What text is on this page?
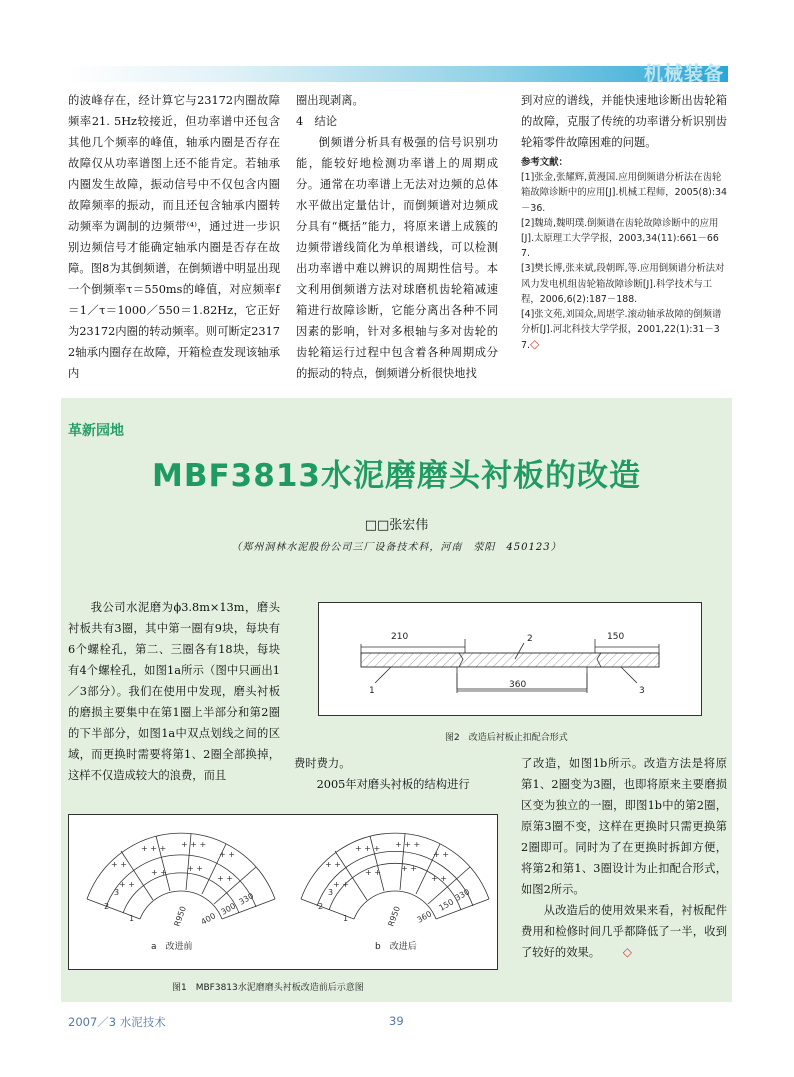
机械装备

的波峰存在，经计算它与23172内圈故障频率21. 5Hz较接近，但功率谱中还包含其他几个频率的峰值，轴承内圈是否存在故障仅从功率谱图上还不能肯定。若轴承内圈发生故障，振动信号中不仅包含内圈故障频率的振动，而且还包含轴承内圈转动频率为调制的边频带⁽⁴⁾，通过进一步识别边频信号才能确定轴承内圈是否存在故障。图8为其倒频谱，在倒频谱中明显出现一个倒频率τ＝550ms的峰值，对应频率f＝1／τ＝1000／550＝1.82Hz，它正好为23172内圈的转动频率。则可断定23172轴承内圈存在故障，开箱检查发现该轴承内

圈出现剥离。

4　结论

倒频谱分析具有极强的信号识别功能，能较好地检测功率谱上的周期成分。通常在功率谱上无法对边频的总体水平做出定量估计，而倒频谱对边频成分具有“概括”能力，将原来谱上成簇的边频带谱线简化为单根谱线，可以检测出功率谱中难以辨识的周期性信号。本文利用倒频谱方法对球磨机齿轮箱减速箱进行故障诊断，它能分离出各种不同因素的影响，针对多根轴与多对齿轮的齿轮箱运行过程中包含着各种周期成分的振动的特点，倒频谱分析很快地找

到对应的谱线，并能快速地诊断出齿轮箱的故障，克服了传统的功率谱分析识别齿轮箱零件故障困难的问题。

参考文献：
[1]张金,张耀辉,黄漫国.应用倒频谱分析法在齿轮箱故障诊断中的应用[J].机械工程师，2005(8):34－36.
[2]魏琦,魏明璞.倒频谱在齿轮故障诊断中的应用[J].太原理工大学学报，2003,34(11):661－667.
[3]樊长博,张来斌,段朝晖,等.应用倒频谱分析法对风力发电机组齿轮箱故障诊断[J].科学技术与工程，2006,6(2):187－188.
[4]张文苑,刘国众,周堪学.滚动轴承故障的倒频谱分析[J].河北科技大学学报，2001,22(1):31－37.◇
革新园地
MBF3813水泥磨磨头衬板的改造
□□张宏伟
（郑州洞林水泥股份公司三厂设备技术科，河南　荥阳　450123）

我公司水泥磨为ϕ3.8m×13m，磨头衬板共有3圈，其中第一圈有9块，每块有6个螺栓孔，第二、三圈各有18块，每块有4个螺栓孔，如图1a所示（图中只画出1／3部分）。我们在使用中发现，磨头衬板的磨损主要集中在第1圈上半部分和第2圈的下半部分，如图1a中双点划线之间的区域，而更换时需要将第1、2圈全部换掉，这样不仅造成较大的浪费，而且

210	150
360
1
2
3
图2　改造后衬板止扣配合形式

费时费力。

2005年对磨头衬板的结构进行

了改造，如图1b所示。改造方法是将原第1、2圈变为3圈，也即将原来主要磨损区变为独立的一圈，即图1b中的第2圈，原第3圈不变，这样在更换时只需更换第2圈即可。同时为了在更换时拆卸方便，将第2和第1、3圈设计为止扣配合形式，如图2所示。

从改造后的使用效果来看，衬板配件费用和检修时间几乎都降低了一半，收到了较好的效果。 ◇

+ +
+ + + + + +
+ +
+ +
+ +	+ +
+ +
+ +
+ + + + + +
+ +
+ +
+ +	+ +
+ +
3
2
1
3
2
1
R950 400
300
330
R950 360
150
330
a　改进前	b　改进后
图1　MBF3813水泥磨磨头衬板改造前后示意图
2007／3 水泥技术	39
